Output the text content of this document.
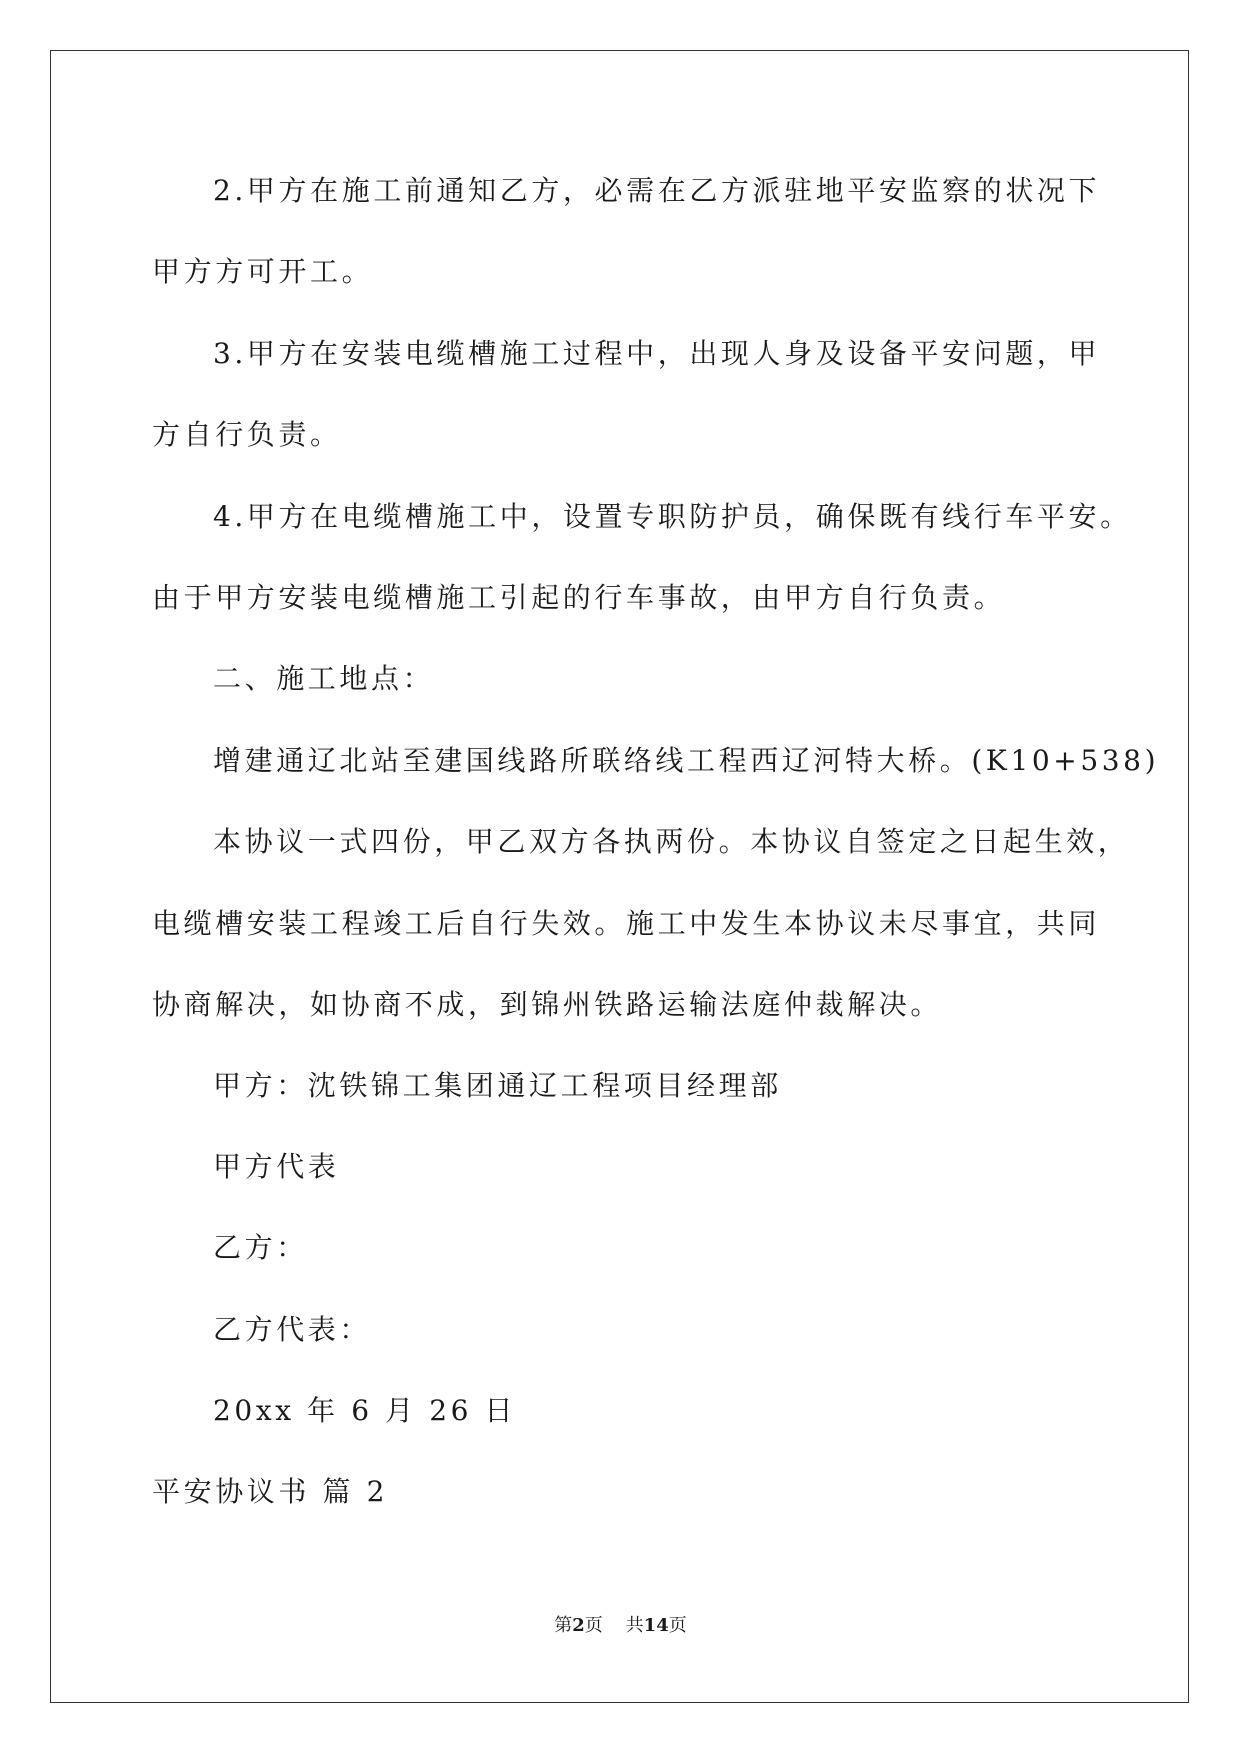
2.甲方在施工前通知乙方，必需在乙方派驻地平安监察的状况下
甲方方可开工。
3.甲方在安装电缆槽施工过程中，出现人身及设备平安问题，甲
方自行负责。
4.甲方在电缆槽施工中，设置专职防护员，确保既有线行车平安。
由于甲方安装电缆槽施工引起的行车事故，由甲方自行负责。
二、施工地点：
增建通辽北站至建国线路所联络线工程西辽河特大桥。(K10+538)
本协议一式四份，甲乙双方各执两份。本协议自签定之日起生效，
电缆槽安装工程竣工后自行失效。施工中发生本协议未尽事宜，共同
协商解决，如协商不成，到锦州铁路运输法庭仲裁解决。
甲方：沈铁锦工集团通辽工程项目经理部
甲方代表
乙方：
乙方代表：
20xx 年 6 月 26 日
平安协议书 篇 2
第2页 共14页
